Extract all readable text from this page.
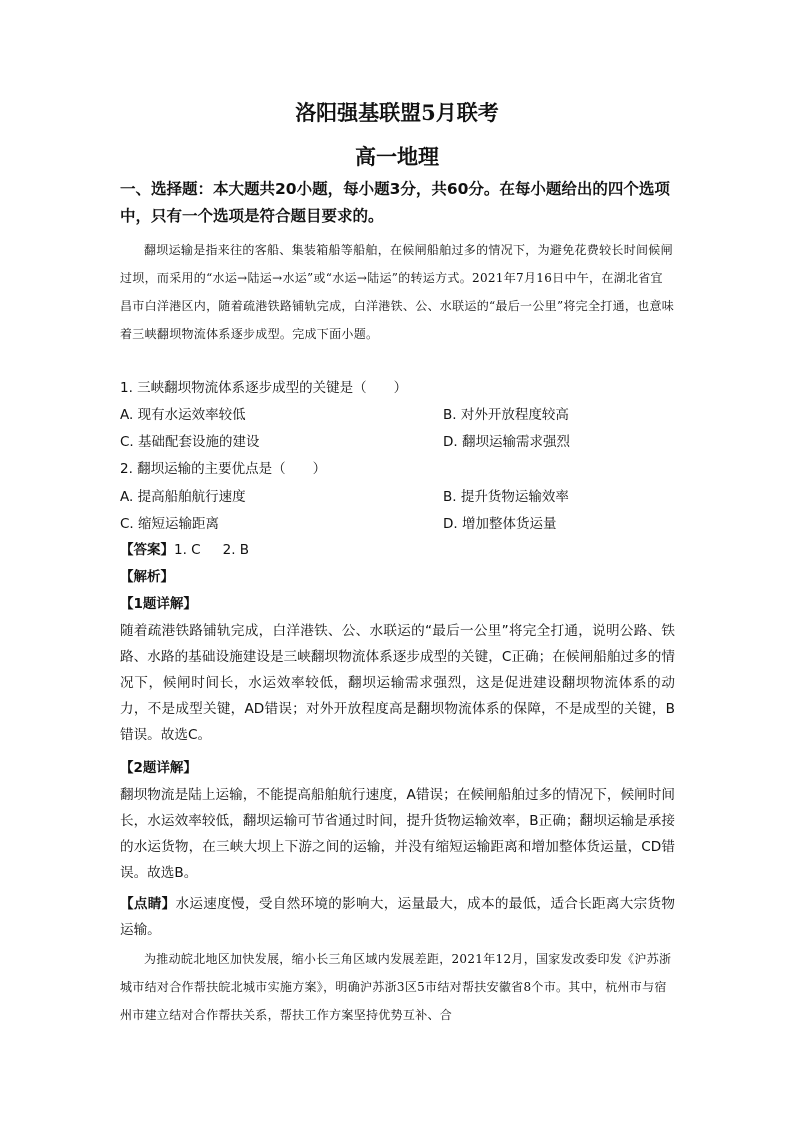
洛阳强基联盟5月联考
高一地理
一、选择题：本大题共20小题，每小题3分，共60分。在每小题给出的四个选项中，只有一个选项是符合题目要求的。
翻坝运输是指来往的客船、集装箱船等船舶，在候闸船舶过多的情况下，为避免花费较长时间候闸过坝，而采用的“水运→陆运→水运”或“水运→陆运”的转运方式。2021年7月16日中午，在湖北省宜昌市白洋港区内，随着疏港铁路铺轨完成，白洋港铁、公、水联运的“最后一公里”将完全打通，也意味着三峡翻坝物流体系逐步成型。完成下面小题。
1. 三峡翻坝物流体系逐步成型的关键是（　　）
A. 现有水运效率较低	B. 对外开放程度较高
C. 基础配套设施的建设	D. 翻坝运输需求强烈
2. 翻坝运输的主要优点是（　　）
A. 提高船舶航行速度	B. 提升货物运输效率
C. 缩短运输距离	D. 增加整体货运量
【答案】1. C 2. B
【解析】
【1题详解】
随着疏港铁路铺轨完成，白洋港铁、公、水联运的“最后一公里”将完全打通，说明公路、铁路、水路的基础设施建设是三峡翻坝物流体系逐步成型的关键，C正确；在候闸船舶过多的情况下，候闸时间长，水运效率较低，翻坝运输需求强烈，这是促进建设翻坝物流体系的动力，不是成型关键，AD错误；对外开放程度高是翻坝物流体系的保障，不是成型的关键，B错误。故选C。
【2题详解】
翻坝物流是陆上运输，不能提高船舶航行速度，A错误；在候闸船舶过多的情况下，候闸时间长，水运效率较低，翻坝运输可节省通过时间，提升货物运输效率，B正确；翻坝运输是承接的水运货物，在三峡大坝上下游之间的运输，并没有缩短运输距离和增加整体货运量，CD错误。故选B。
【点睛】水运速度慢，受自然环境的影响大，运量最大，成本的最低，适合长距离大宗货物运输。
为推动皖北地区加快发展，缩小长三角区域内发展差距，2021年12月，国家发改委印发《沪苏浙城市结对合作帮扶皖北城市实施方案》，明确沪苏浙3区5市结对帮扶安徽省8个市。其中，杭州市与宿州市建立结对合作帮扶关系，帮扶工作方案坚持优势互补、合
